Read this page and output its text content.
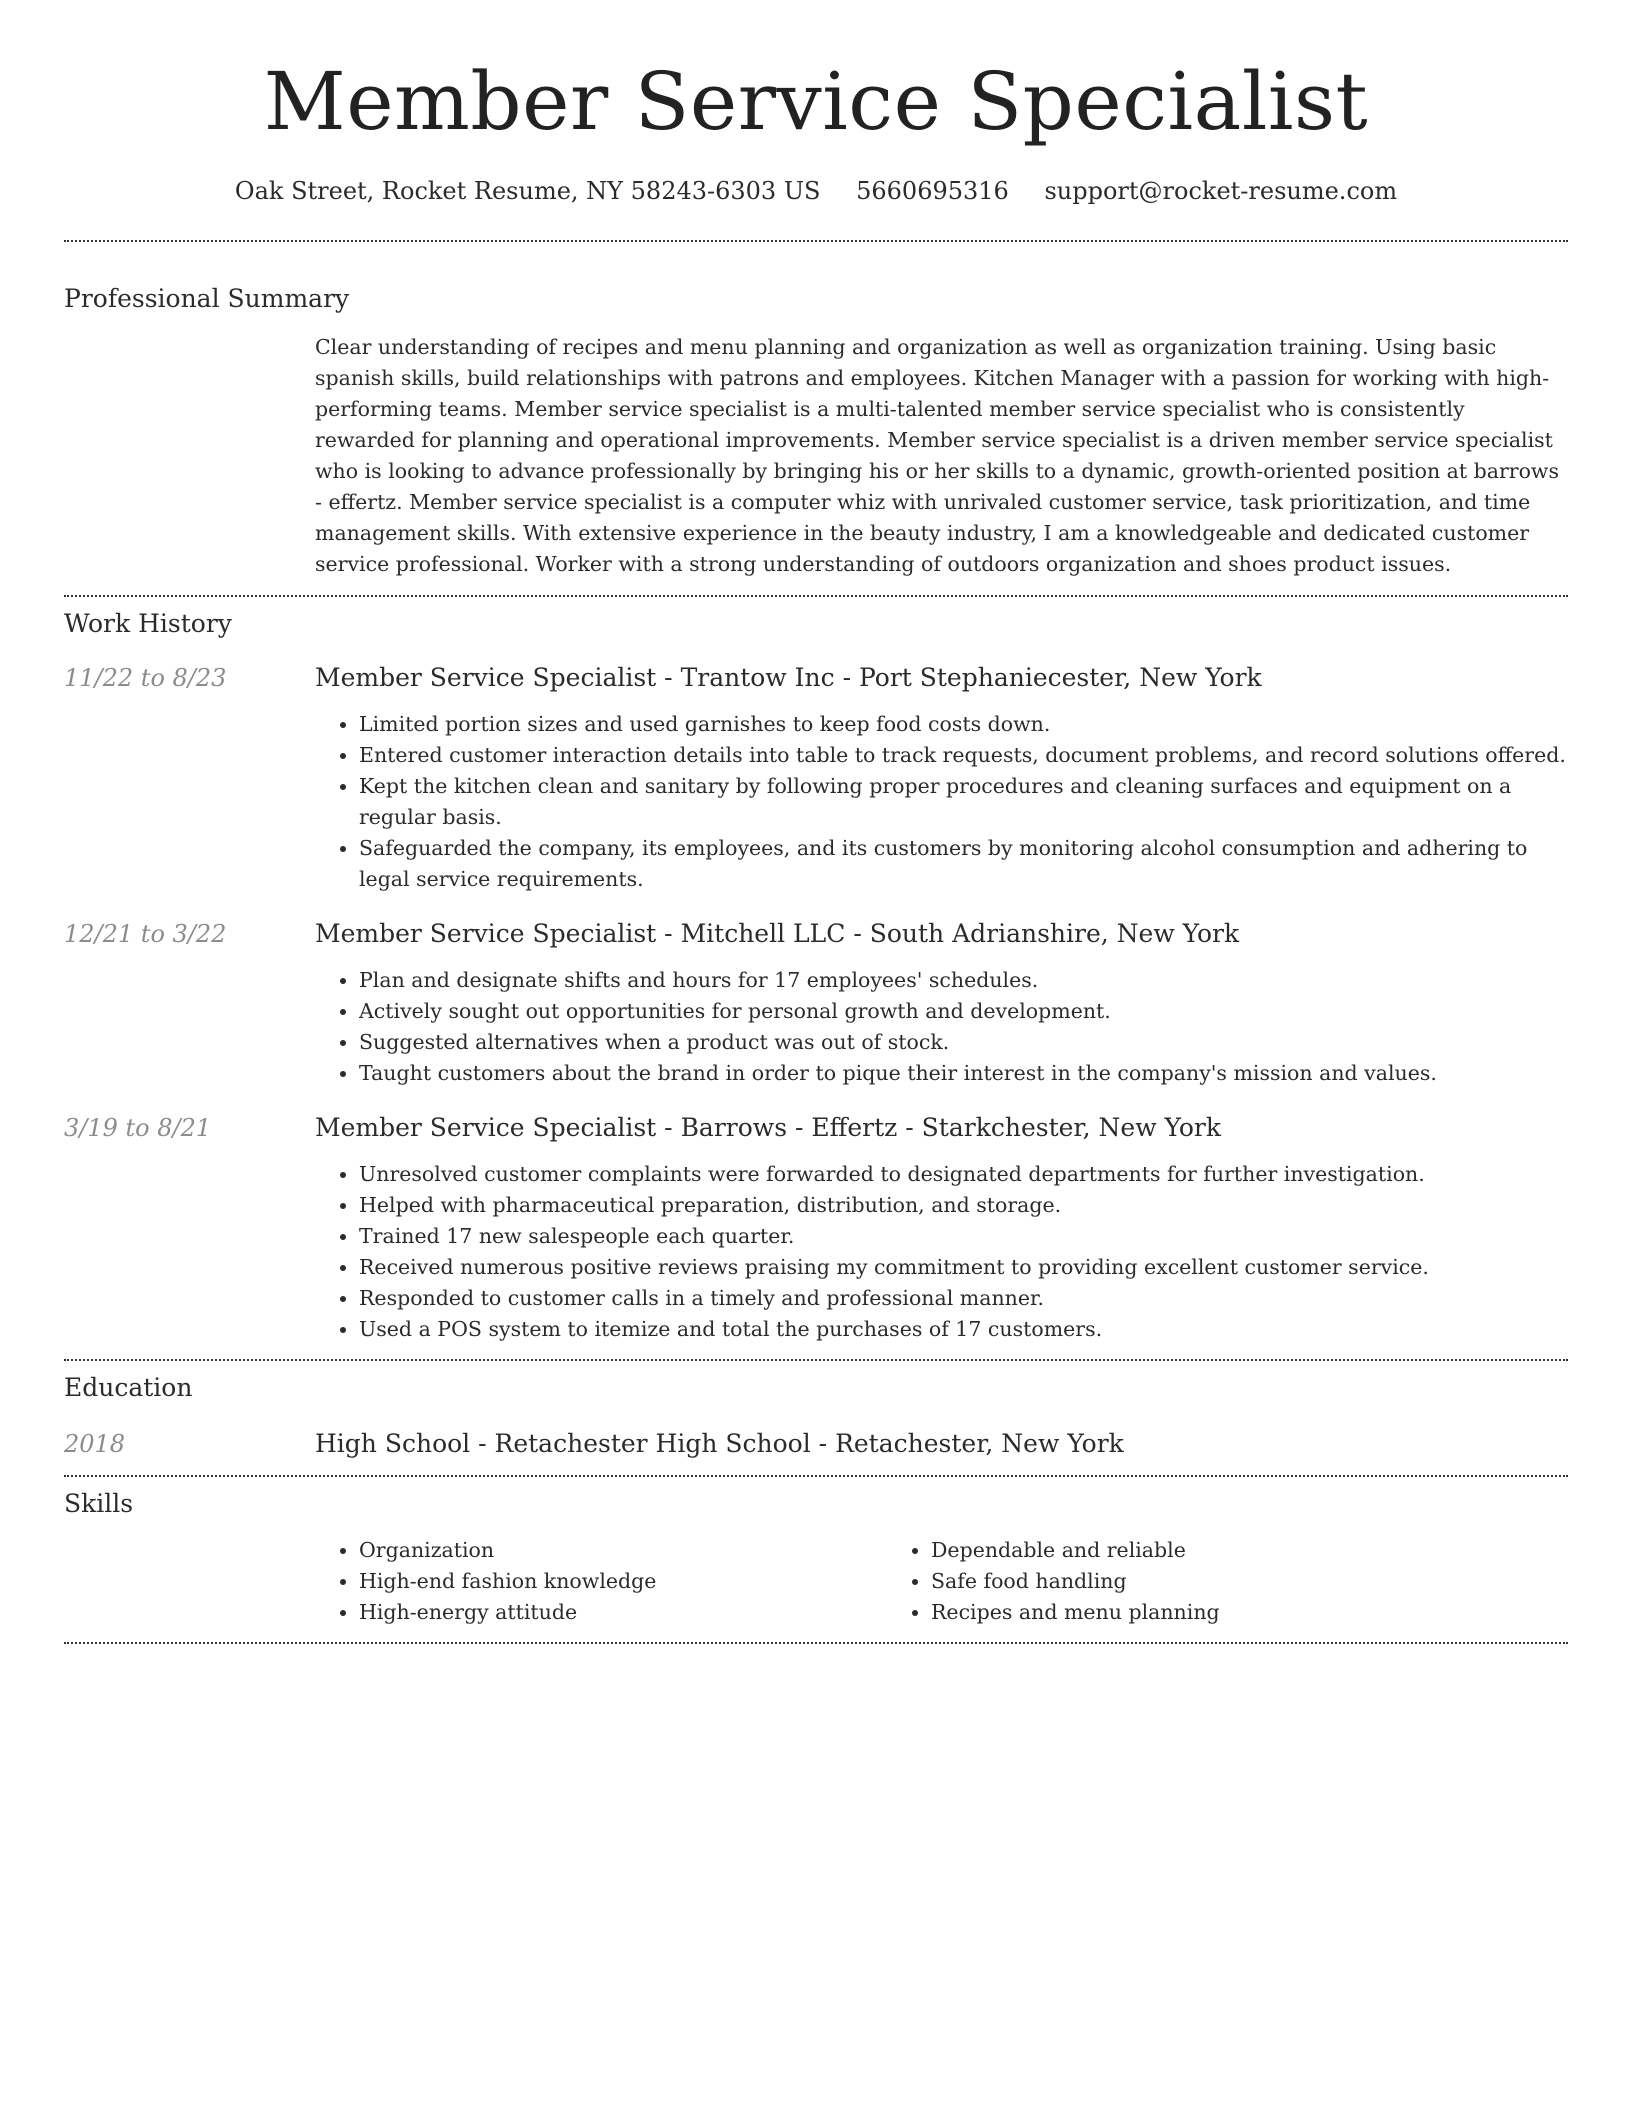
Member Service Specialist
Oak Street, Rocket Resume, NY 58243-6303 US 5660695316 support@rocket-resume.com
Professional Summary
Clear understanding of recipes and menu planning and organization as well as organization training. Using basic spanish skills, build relationships with patrons and employees. Kitchen Manager with a passion for working with high-performing teams. Member service specialist is a multi-talented member service specialist who is consistently rewarded for planning and operational improvements. Member service specialist is a driven member service specialist who is looking to advance professionally by bringing his or her skills to a dynamic, growth-oriented position at barrows - effertz. Member service specialist is a computer whiz with unrivaled customer service, task prioritization, and time management skills. With extensive experience in the beauty industry, I am a knowledgeable and dedicated customer service professional. Worker with a strong understanding of outdoors organization and shoes product issues.
Work History
11/22 to 8/23	Member Service Specialist - Trantow Inc - Port Stephaniecester, New York
• Limited portion sizes and used garnishes to keep food costs down.
• Entered customer interaction details into table to track requests, document problems, and record solutions offered.
• Kept the kitchen clean and sanitary by following proper procedures and cleaning surfaces and equipment on a regular basis.
• Safeguarded the company, its employees, and its customers by monitoring alcohol consumption and adhering to legal service requirements.
12/21 to 3/22	Member Service Specialist - Mitchell LLC - South Adrianshire, New York
• Plan and designate shifts and hours for 17 employees' schedules.
• Actively sought out opportunities for personal growth and development.
• Suggested alternatives when a product was out of stock.
• Taught customers about the brand in order to pique their interest in the company's mission and values.
3/19 to 8/21	Member Service Specialist - Barrows - Effertz - Starkchester, New York
• Unresolved customer complaints were forwarded to designated departments for further investigation.
• Helped with pharmaceutical preparation, distribution, and storage.
• Trained 17 new salespeople each quarter.
• Received numerous positive reviews praising my commitment to providing excellent customer service.
• Responded to customer calls in a timely and professional manner.
• Used a POS system to itemize and total the purchases of 17 customers.
Education
2018	High School - Retachester High School - Retachester, New York
Skills
• Organization
• High-end fashion knowledge
• High-energy attitude
• Dependable and reliable
• Safe food handling
• Recipes and menu planning
